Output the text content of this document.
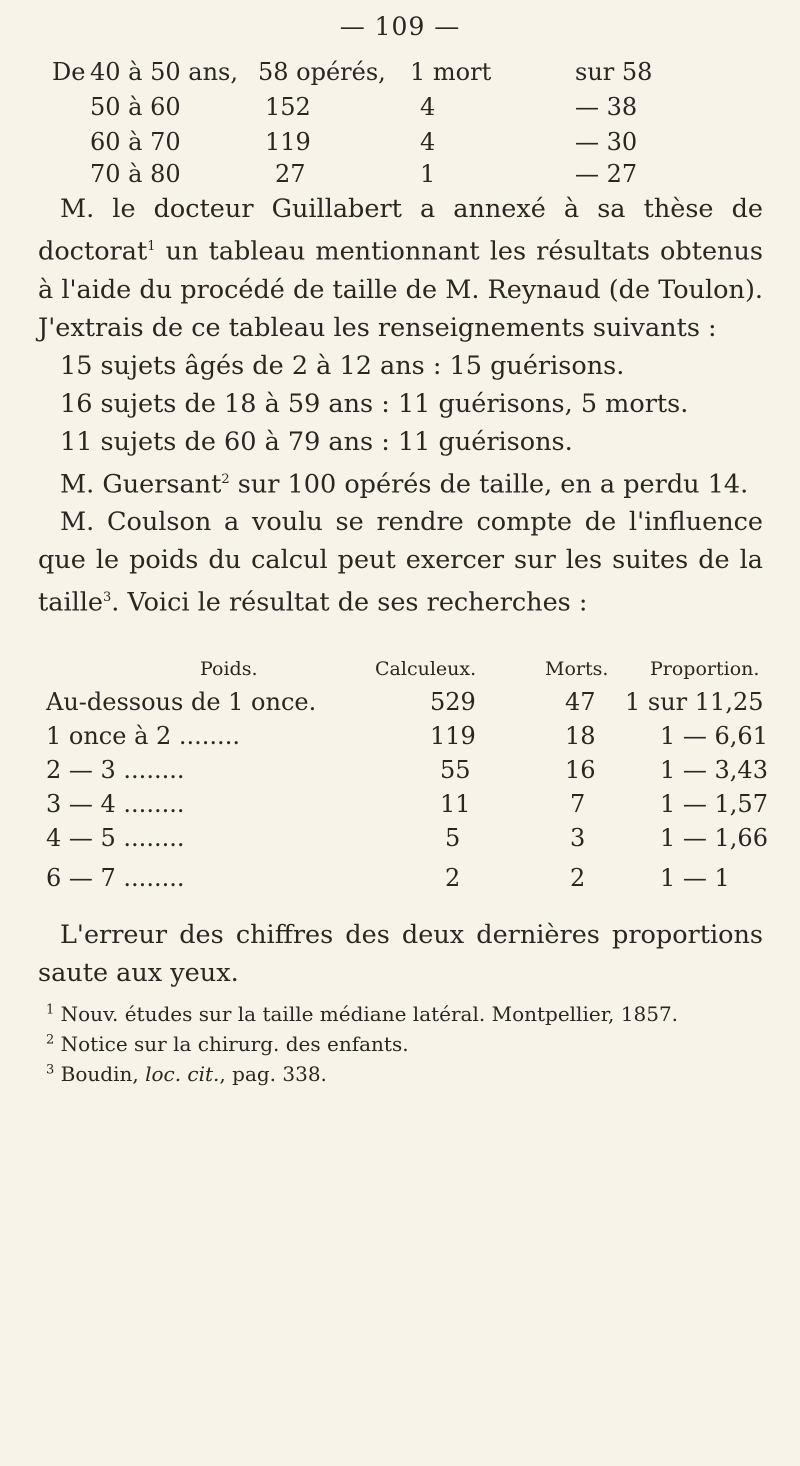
— 109 —
De 40 à 50 ans, 58 opérés, 1 mort	sur 58
50 à 60	152	4	— 38
60 à 70	119	4	— 30
70 à 80	27	1	— 27

M. le docteur Guillabert a annexé à sa thèse de doctorat$^1$ un tableau mentionnant les résultats obtenus à l'aide du procédé de taille de M. Reynaud (de Toulon). J'extrais de ce tableau les renseignements suivants :

15 sujets âgés de 2 à 12 ans : 15 guérisons.

16 sujets de 18 à 59 ans : 11 guérisons, 5 morts.

11 sujets de 60 à 79 ans : 11 guérisons.

M. Guersant$^2$ sur 100 opérés de taille, en a perdu 14.

M. Coulson a voulu se rendre compte de l'influence que le poids du calcul peut exercer sur les suites de la taille$^3$. Voici le résultat de ses recherches :

Poids.	Calculeux.	Morts. Proportion.
Au-dessous de 1 once.	529	47 1 sur 11,25
1 once à 2 ........	119	18	1 — 6,61
2 — 3 ........	55	16	1 — 3,43
3 — 4 ........	11	7	1 — 1,57
4 — 5 ........	5	3	1 — 1,66
6 — 7 ........	2	2	1 — 1

L'erreur des chiffres des deux dernières proportions saute aux yeux.

$^1$ Nouv. études sur la taille médiane latéral. Montpellier, 1857.
$^2$ Notice sur la chirurg. des enfants.
$^3$ Boudin, loc. cit., pag. 338.
